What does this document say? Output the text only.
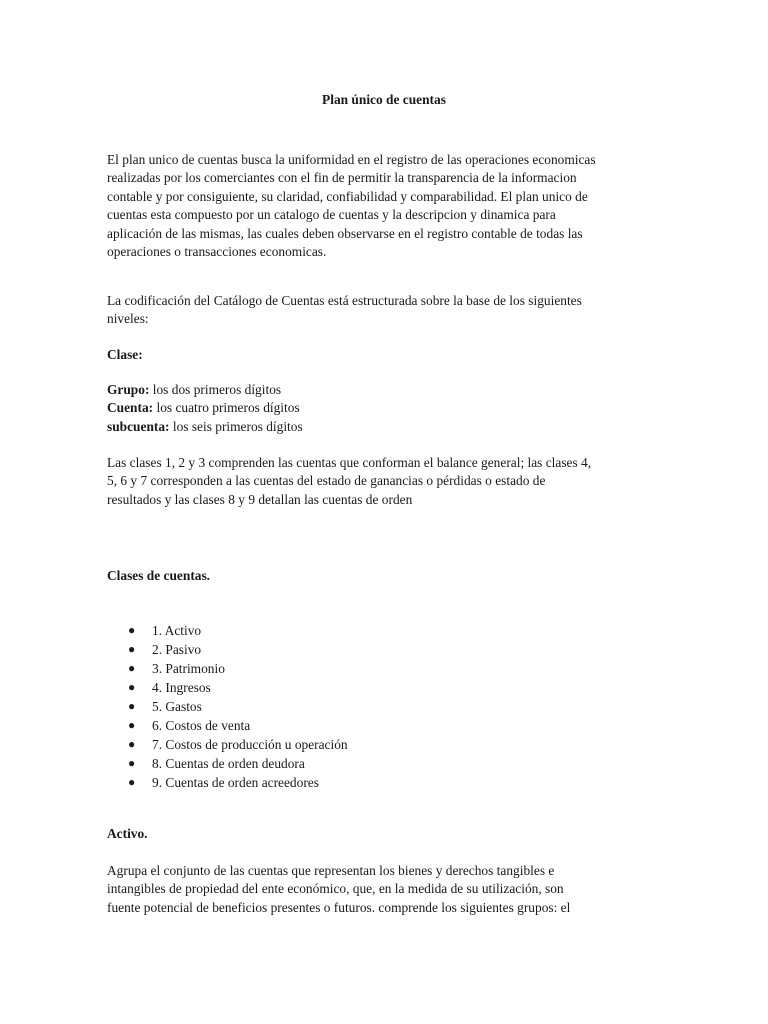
Plan único de cuentas
El plan unico de cuentas busca la uniformidad en el registro de las operaciones economicas
realizadas por los comerciantes con el fin de permitir la transparencia de la informacion
contable y por consiguiente, su claridad, confiabilidad y comparabilidad. El plan unico de
cuentas esta compuesto por un catalogo de cuentas y la descripcion y dinamica para
aplicación de las mismas, las cuales deben observarse en el registro contable de todas las
operaciones o transacciones economicas.
La codificación del Catálogo de Cuentas está estructurada sobre la base de los siguientes
niveles:
Clase:
Grupo: los dos primeros dígitos
Cuenta: los cuatro primeros dígitos
subcuenta: los seis primeros dígitos
Las clases 1, 2 y 3 comprenden las cuentas que conforman el balance general; las clases 4,
5, 6 y 7 corresponden a las cuentas del estado de ganancias o pérdidas o estado de
resultados y las clases 8 y 9 detallan las cuentas de orden
Clases de cuentas.
● 1. Activo
● 2. Pasivo
● 3. Patrimonio
● 4. Ingresos
● 5. Gastos
● 6. Costos de venta
● 7. Costos de producción u operación
● 8. Cuentas de orden deudora
● 9. Cuentas de orden acreedores
Activo.
Agrupa el conjunto de las cuentas que representan los bienes y derechos tangibles e
intangibles de propiedad del ente económico, que, en la medida de su utilización, son
fuente potencial de beneficios presentes o futuros. comprende los siguientes grupos: el
